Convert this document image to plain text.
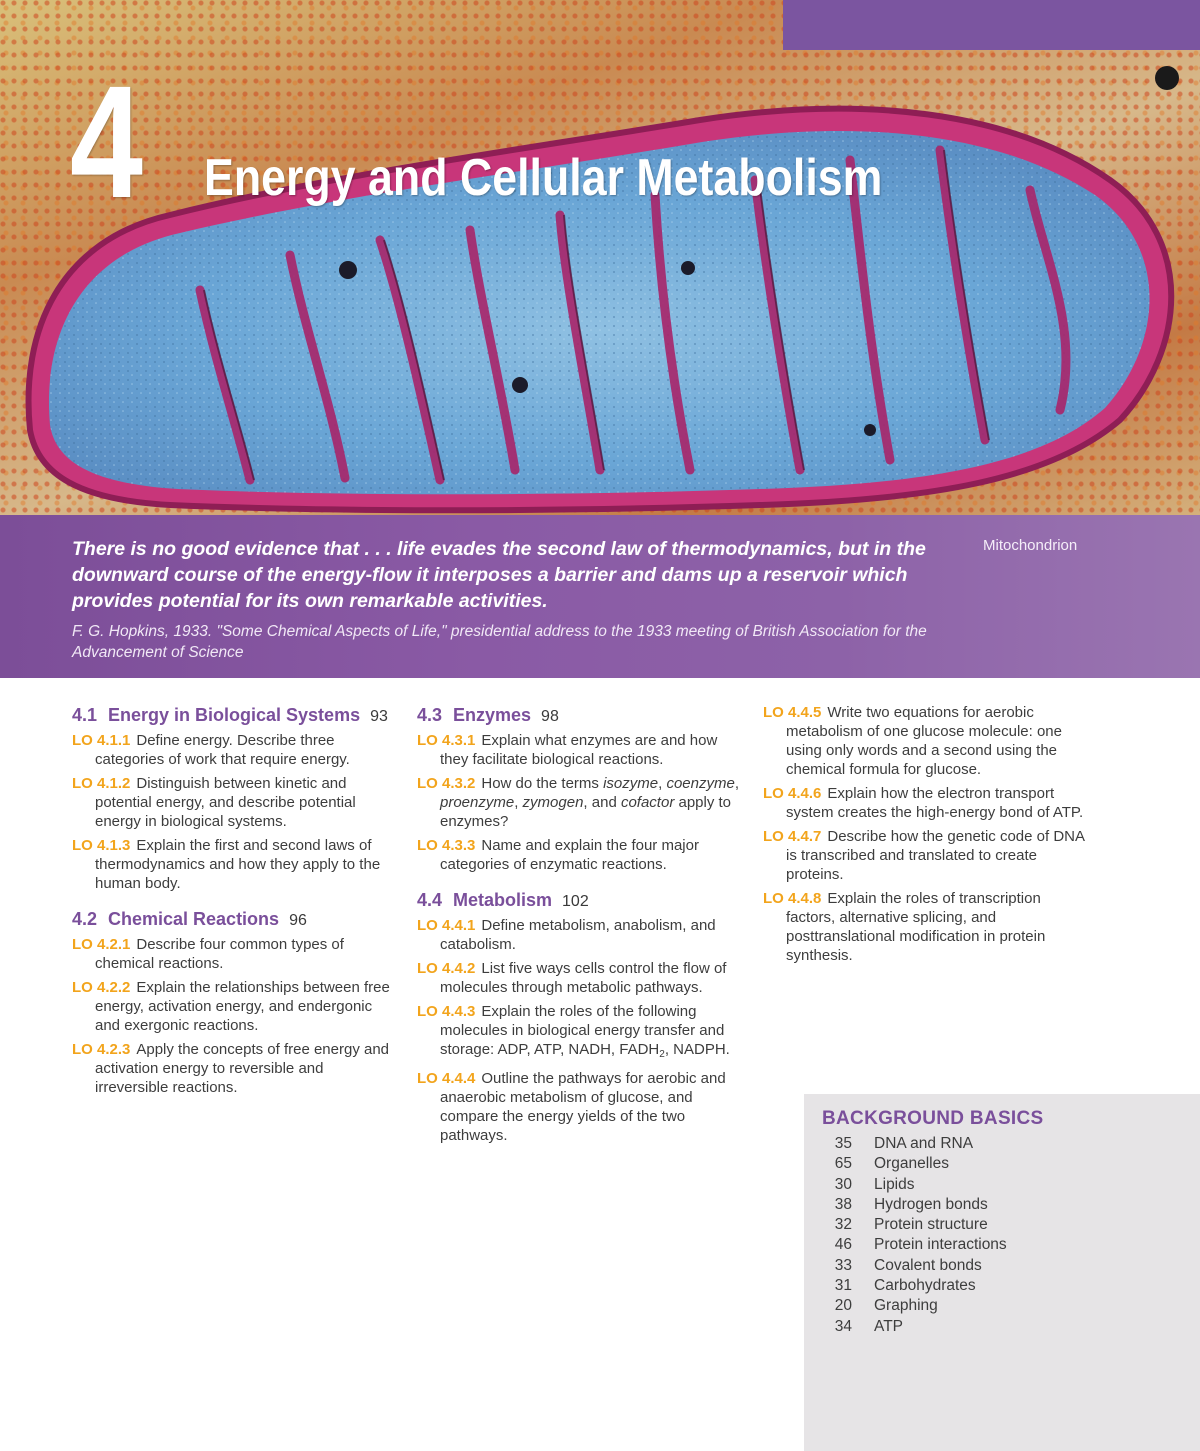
4 Energy and Cellular Metabolism
There is no good evidence that . . . life evades the second law of thermodynamics, but in the downward course of the energy-flow it interposes a barrier and dams up a reservoir which provides potential for its own remarkable activities.
F. G. Hopkins, 1933. "Some Chemical Aspects of Life," presidential address to the 1933 meeting of British Association for the Advancement of Science
Mitochondrion
4.1 Energy in Biological Systems 93
LO 4.1.1 Define energy. Describe three categories of work that require energy.
LO 4.1.2 Distinguish between kinetic and potential energy, and describe potential energy in biological systems.
LO 4.1.3 Explain the first and second laws of thermodynamics and how they apply to the human body.
4.2 Chemical Reactions 96
LO 4.2.1 Describe four common types of chemical reactions.
LO 4.2.2 Explain the relationships between free energy, activation energy, and endergonic and exergonic reactions.
LO 4.2.3 Apply the concepts of free energy and activation energy to reversible and irreversible reactions.
4.3 Enzymes 98
LO 4.3.1 Explain what enzymes are and how they facilitate biological reactions.
LO 4.3.2 How do the terms isozyme, coenzyme, proenzyme, zymogen, and cofactor apply to enzymes?
LO 4.3.3 Name and explain the four major categories of enzymatic reactions.
4.4 Metabolism 102
LO 4.4.1 Define metabolism, anabolism, and catabolism.
LO 4.4.2 List five ways cells control the flow of molecules through metabolic pathways.
LO 4.4.3 Explain the roles of the following molecules in biological energy transfer and storage: ADP, ATP, NADH, $FADH_2$, NADPH.
LO 4.4.4 Outline the pathways for aerobic and anaerobic metabolism of glucose, and compare the energy yields of the two pathways.
LO 4.4.5 Write two equations for aerobic metabolism of one glucose molecule: one using only words and a second using the chemical formula for glucose.
LO 4.4.6 Explain how the electron transport system creates the high-energy bond of ATP.
LO 4.4.7 Describe how the genetic code of DNA is transcribed and translated to create proteins.
LO 4.4.8 Explain the roles of transcription factors, alternative splicing, and posttranslational modification in protein synthesis.
BACKGROUND BASICS
35 DNA and RNA
65 Organelles
30 Lipids
38 Hydrogen bonds
32 Protein structure
46 Protein interactions
33 Covalent bonds
31 Carbohydrates
20 Graphing
34 ATP
